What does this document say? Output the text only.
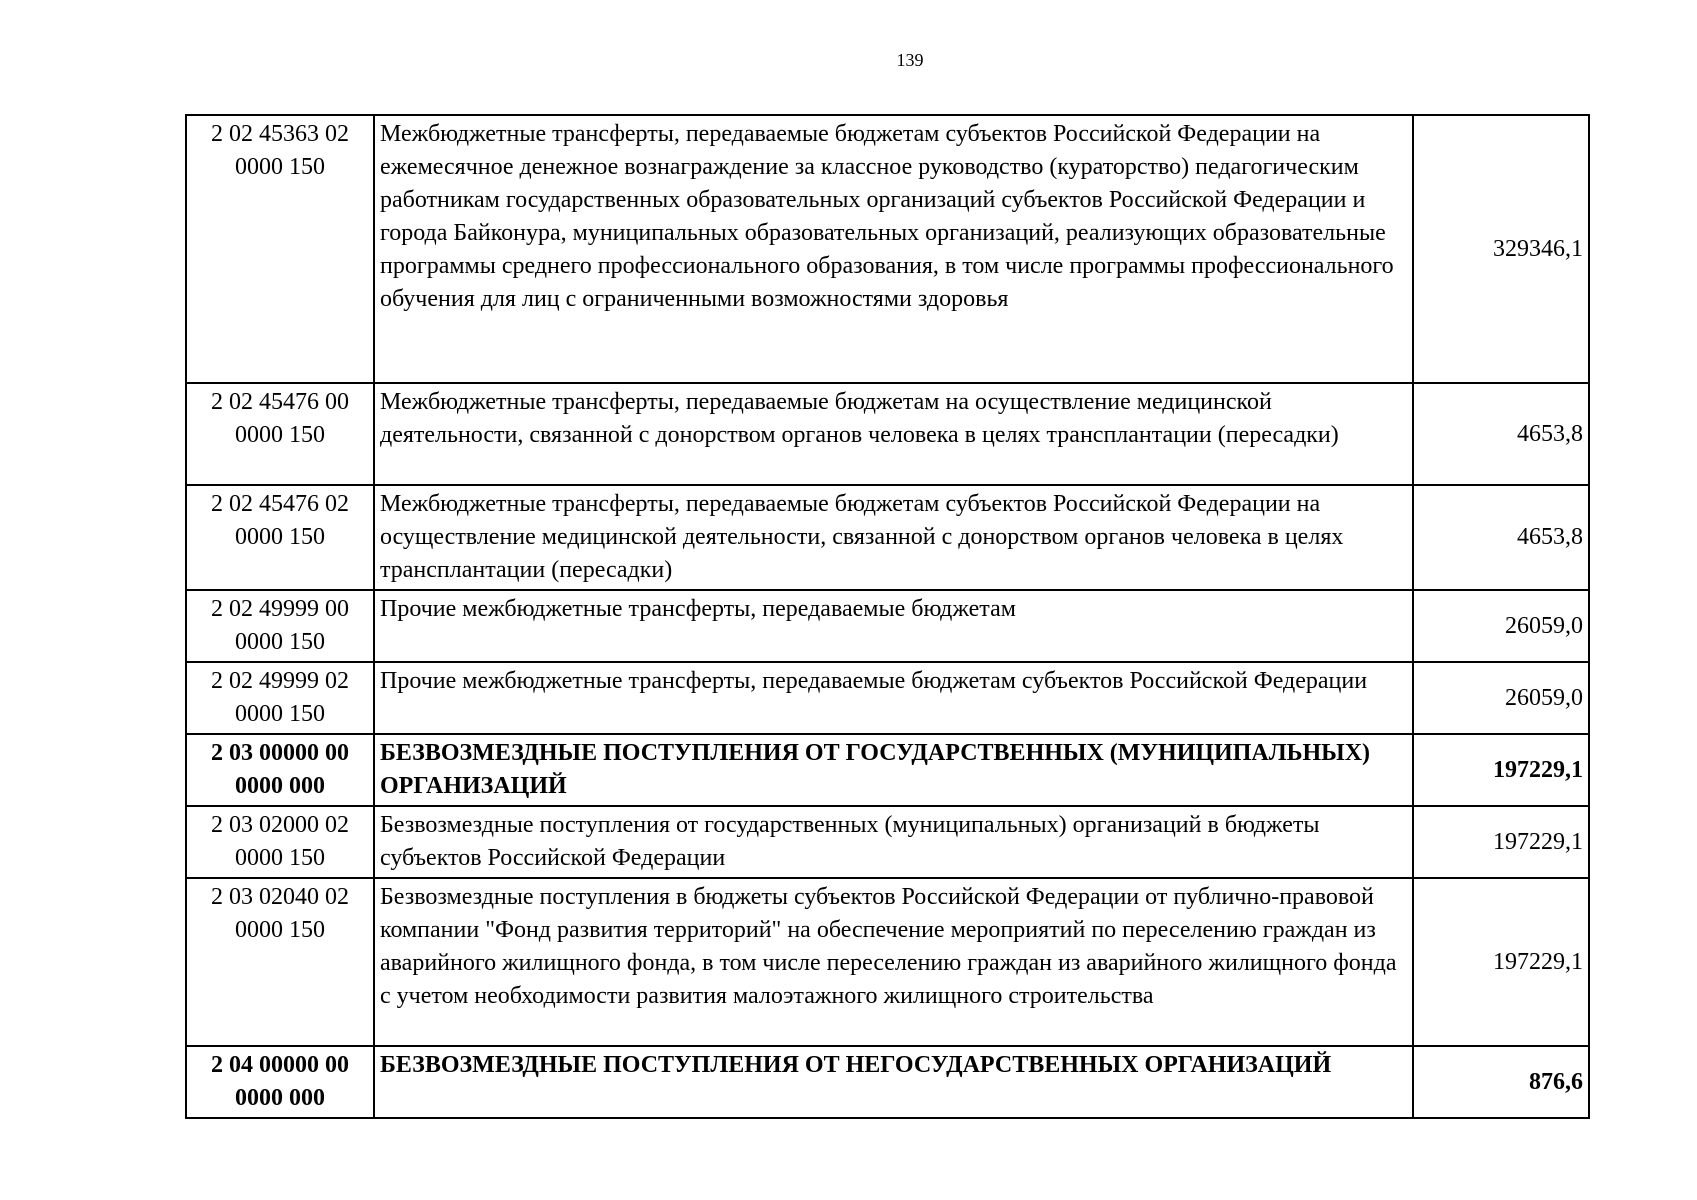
139
2 02 45363 02 0000 150	Межбюджетные трансферты, передаваемые бюджетам субъектов Российской Федерации на ежемесячное денежное вознаграждение за классное руководство (кураторство) педагогическим работникам государственных образовательных организаций субъектов Российской Федерации и города Байконура, муниципальных образовательных организаций, реализующих образовательные программы среднего профессионального образования, в том числе программы профессионального обучения для лиц с ограниченными возможностями здоровья	329346,1
2 02 45476 00 0000 150	Межбюджетные трансферты, передаваемые бюджетам на осуществление медицинской деятельности, связанной с донорством органов человека в целях трансплантации (пересадки)	4653,8
2 02 45476 02 0000 150	Межбюджетные трансферты, передаваемые бюджетам субъектов Российской Федерации на осуществление медицинской деятельности, связанной с донорством органов человека в целях трансплантации (пересадки)	4653,8
2 02 49999 00 0000 150	Прочие межбюджетные трансферты, передаваемые бюджетам	26059,0
2 02 49999 02 0000 150	Прочие межбюджетные трансферты, передаваемые бюджетам субъектов Российской Федерации	26059,0
2 03 00000 00 0000 000	БЕЗВОЗМЕЗДНЫЕ ПОСТУПЛЕНИЯ ОТ ГОСУДАРСТВЕННЫХ (МУНИЦИПАЛЬНЫХ) ОРГАНИЗАЦИЙ	197229,1
2 03 02000 02 0000 150	Безвозмездные поступления от государственных (муниципальных) организаций в бюджеты субъектов Российской Федерации	197229,1
2 03 02040 02 0000 150	Безвозмездные поступления в бюджеты субъектов Российской Федерации от публично-правовой компании "Фонд развития территорий" на обеспечение мероприятий по переселению граждан из аварийного жилищного фонда, в том числе переселению граждан из аварийного жилищного фонда с учетом необходимости развития малоэтажного жилищного строительства	197229,1
2 04 00000 00 0000 000	БЕЗВОЗМЕЗДНЫЕ ПОСТУПЛЕНИЯ ОТ НЕГОСУДАРСТВЕННЫХ ОРГАНИЗАЦИЙ	876,6
